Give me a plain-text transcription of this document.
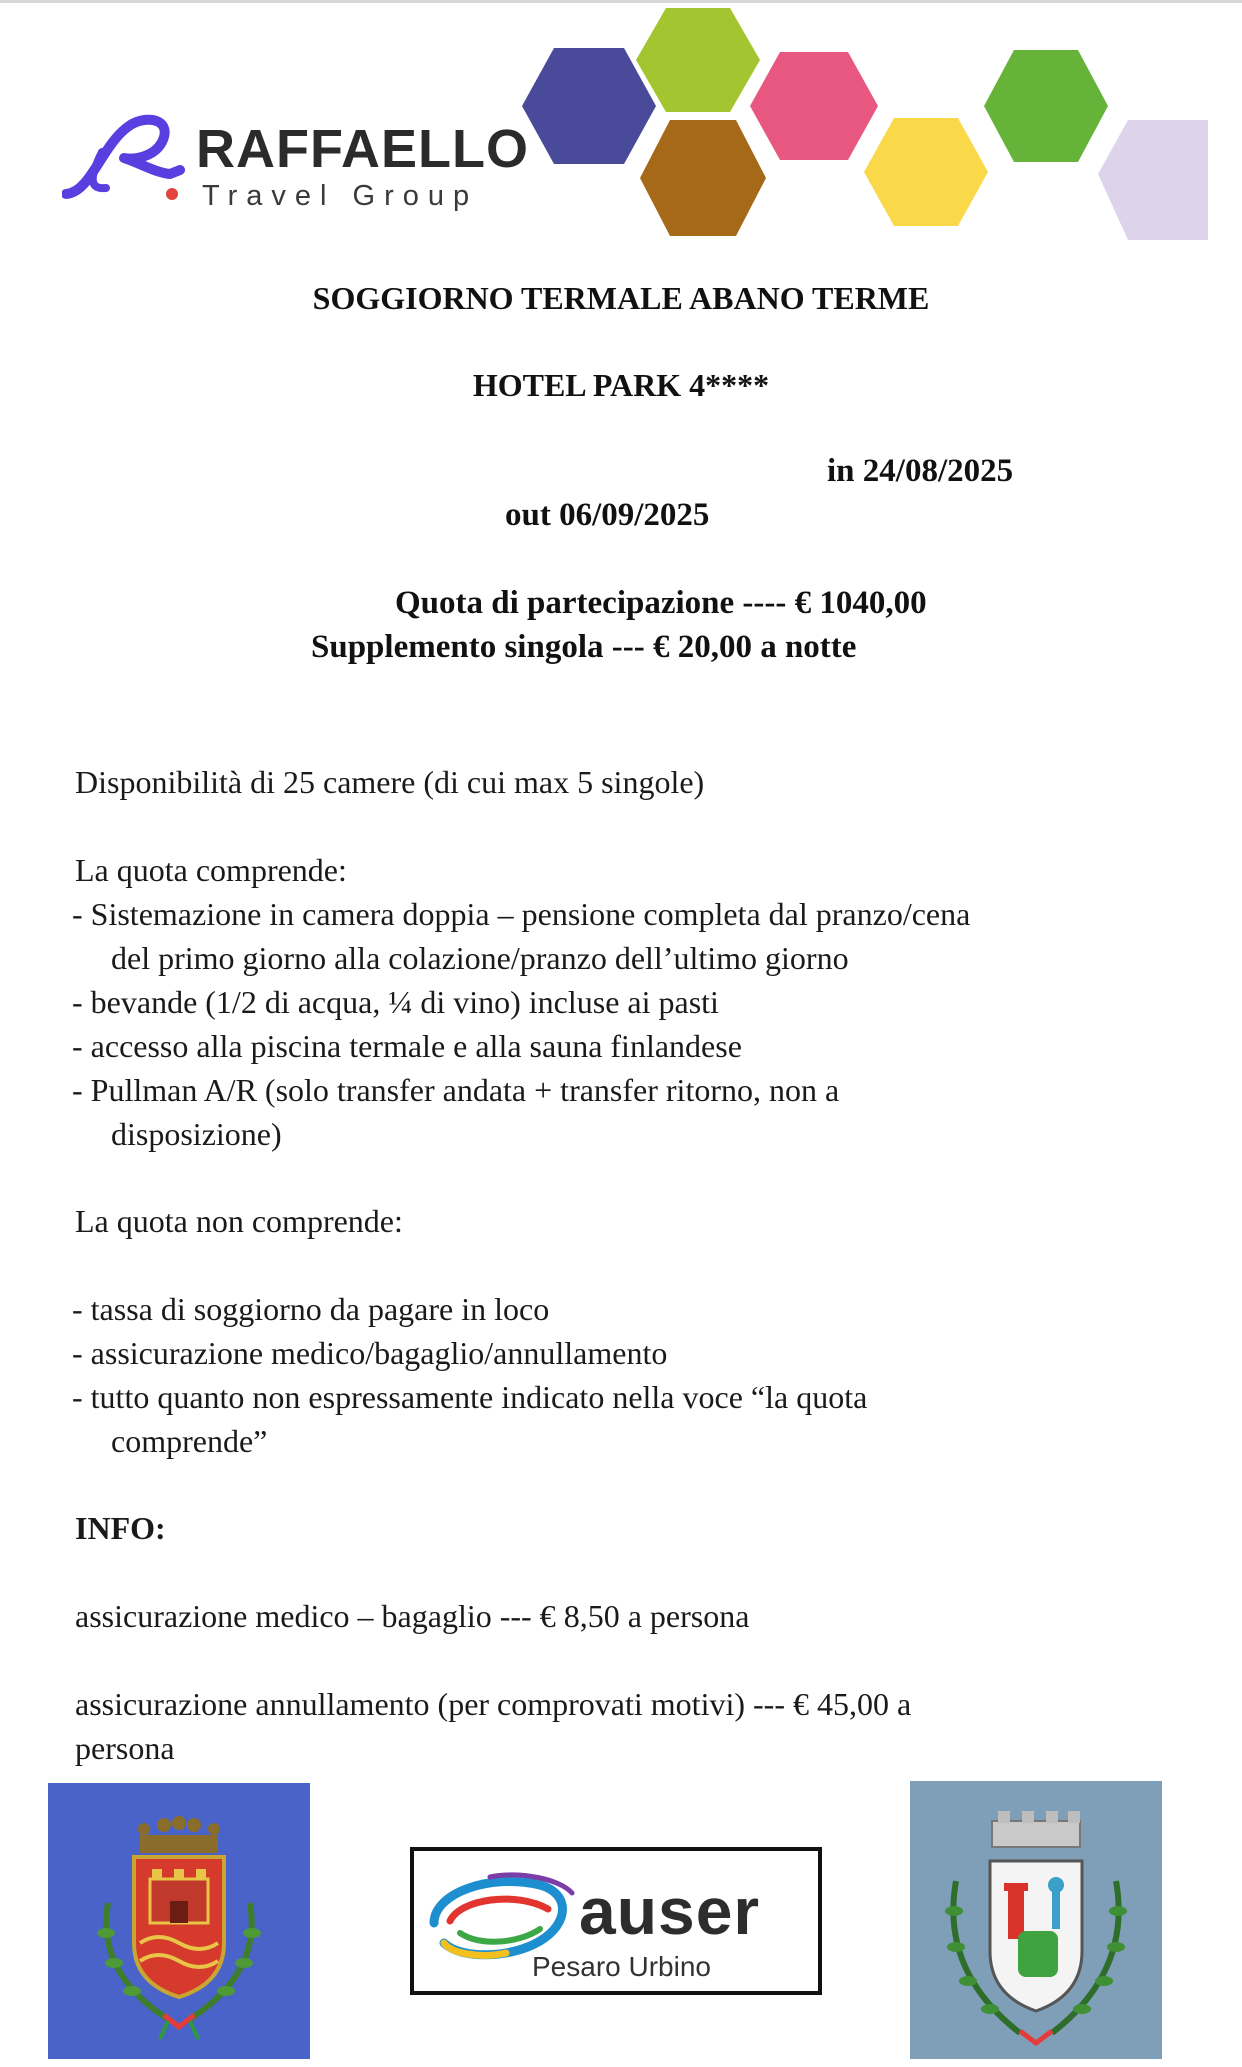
RAFFAELLO
Travel Group
SOGGIORNO TERMALE ABANO TERME
HOTEL PARK 4****
in 24/08/2025
out 06/09/2025
Quota di partecipazione ---- € 1040,00
Supplemento singola --- € 20,00 a notte
Disponibilità di 25 camere (di cui max 5 singole)
La quota comprende:
- Sistemazione in camera doppia – pensione completa dal pranzo/cena
del primo giorno alla colazione/pranzo dell’ultimo giorno
- bevande (1/2 di acqua, ¼ di vino) incluse ai pasti
- accesso alla piscina termale e alla sauna finlandese
- Pullman A/R (solo transfer andata + transfer ritorno, non a
disposizione)
La quota non comprende:
- tassa di soggiorno da pagare in loco
- assicurazione medico/bagaglio/annullamento
- tutto quanto non espressamente indicato nella voce “la quota
comprende”
INFO:
assicurazione medico – bagaglio --- € 8,50 a persona
assicurazione annullamento (per comprovati motivi) --- € 45,00 a
persona
auser
Pesaro Urbino
